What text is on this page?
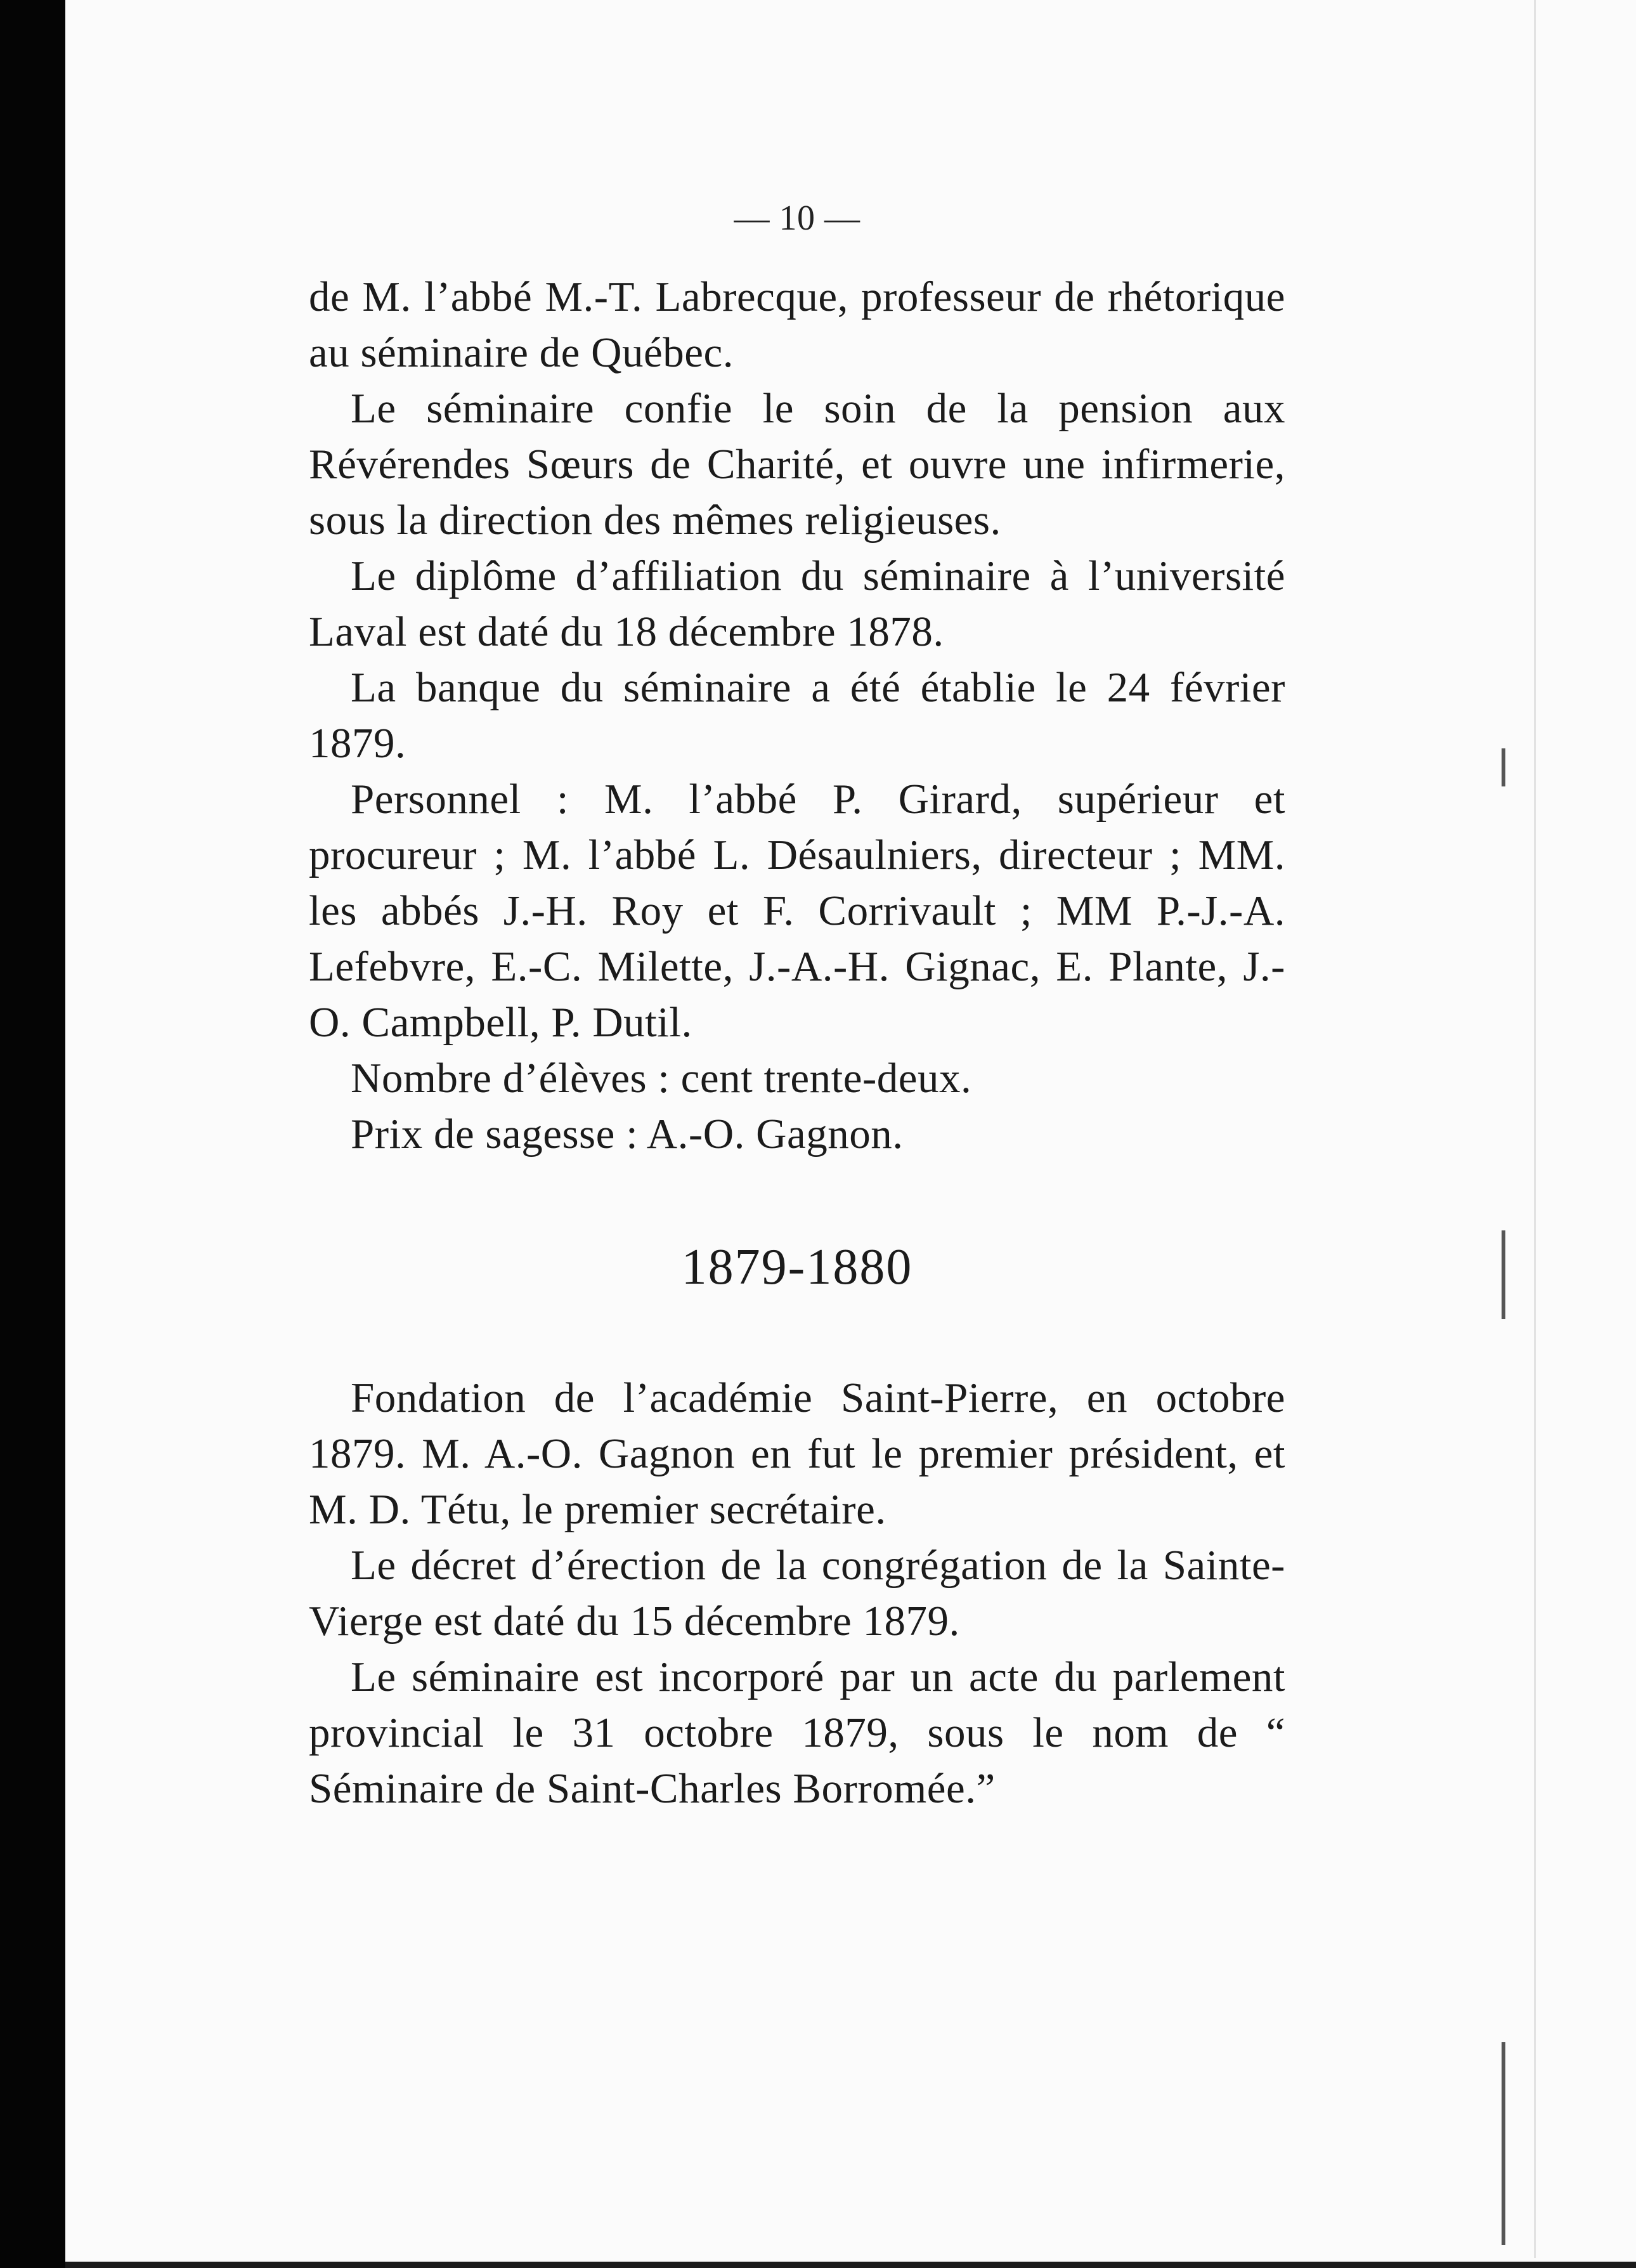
— 10 —

de M. l’abbé M.-T. Labrecque, professeur de rhétorique au séminaire de Québec.

Le séminaire confie le soin de la pension aux Révérendes Sœurs de Charité, et ouvre une infirmerie, sous la direction des mêmes religieuses.

Le diplôme d’affiliation du séminaire à l’université Laval est daté du 18 décembre 1878.

La banque du séminaire a été établie le 24 février 1879.

Personnel : M. l’abbé P. Girard, supérieur et procureur ; M. l’abbé L. Désaulniers, directeur ; MM. les abbés J.-H. Roy et F. Corrivault ; MM P.-J.-A. Lefebvre, E.-C. Milette, J.-A.-H. Gignac, E. Plante, J.-O. Campbell, P. Dutil.

Nombre d’élèves : cent trente-deux.

Prix de sagesse : A.-O. Gagnon.

1879-1880

Fondation de l’académie Saint-Pierre, en octobre 1879. M. A.-O. Gagnon en fut le premier président, et M. D. Tétu, le premier secrétaire.

Le décret d’érection de la congrégation de la Sainte-Vierge est daté du 15 décembre 1879.

Le séminaire est incorporé par un acte du parlement provincial le 31 octobre 1879, sous le nom de “ Séminaire de Saint-Charles Borromée.”
